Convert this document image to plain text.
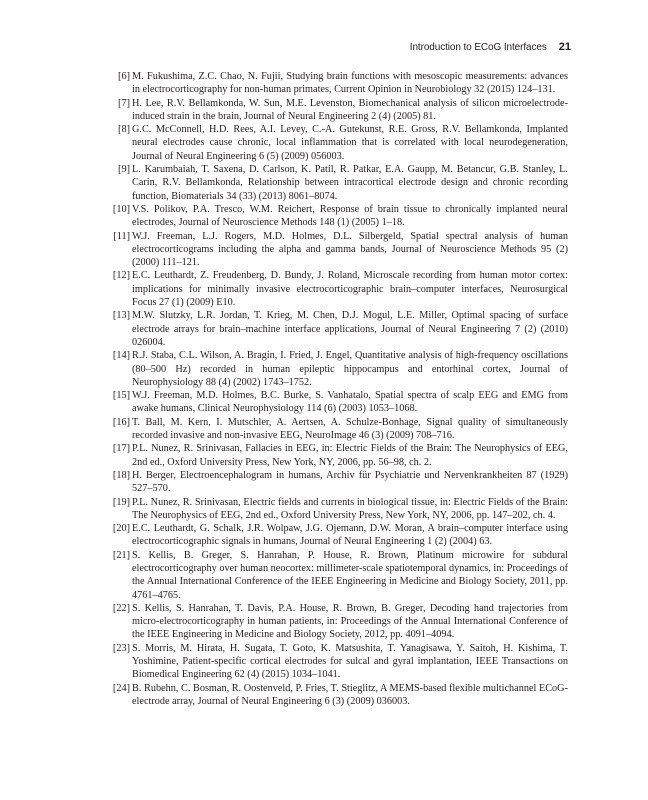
Introduction to ECoG Interfaces 21
[6] M. Fukushima, Z.C. Chao, N. Fujii, Studying brain functions with mesoscopic measurements: advances in electrocorticography for non-human primates, Current Opinion in Neurobiology 32 (2015) 124–131.
[7] H. Lee, R.V. Bellamkonda, W. Sun, M.E. Levenston, Biomechanical analysis of silicon microelectrode-induced strain in the brain, Journal of Neural Engineering 2 (4) (2005) 81.
[8] G.C. McConnell, H.D. Rees, A.I. Levey, C.-A. Gutekunst, R.E. Gross, R.V. Bellamkonda, Implanted neural electrodes cause chronic, local inflammation that is correlated with local neurodegeneration, Journal of Neural Engineering 6 (5) (2009) 056003.
[9] L. Karumbaiah, T. Saxena, D. Carlson, K. Patil, R. Patkar, E.A. Gaupp, M. Betancur, G.B. Stanley, L. Carin, R.V. Bellamkonda, Relationship between intracortical electrode design and chronic recording function, Biomaterials 34 (33) (2013) 8061–8074.
[10] V.S. Polikov, P.A. Tresco, W.M. Reichert, Response of brain tissue to chronically implanted neural electrodes, Journal of Neuroscience Methods 148 (1) (2005) 1–18.
[11] W.J. Freeman, L.J. Rogers, M.D. Holmes, D.L. Silbergeld, Spatial spectral analysis of human electrocorticograms including the alpha and gamma bands, Journal of Neuroscience Methods 95 (2) (2000) 111–121.
[12] E.C. Leuthardt, Z. Freudenberg, D. Bundy, J. Roland, Microscale recording from human motor cortex: implications for minimally invasive electrocorticographic brain–computer interfaces, Neurosurgical Focus 27 (1) (2009) E10.
[13] M.W. Slutzky, L.R. Jordan, T. Krieg, M. Chen, D.J. Mogul, L.E. Miller, Optimal spacing of surface electrode arrays for brain–machine interface applications, Journal of Neural Engineering 7 (2) (2010) 026004.
[14] R.J. Staba, C.L. Wilson, A. Bragin, I. Fried, J. Engel, Quantitative analysis of high-frequency oscillations (80–500 Hz) recorded in human epileptic hippocampus and entorhinal cortex, Journal of Neurophysiology 88 (4) (2002) 1743–1752.
[15] W.J. Freeman, M.D. Holmes, B.C. Burke, S. Vanhatalo, Spatial spectra of scalp EEG and EMG from awake humans, Clinical Neurophysiology 114 (6) (2003) 1053–1068.
[16] T. Ball, M. Kern, I. Mutschler, A. Aertsen, A. Schulze-Bonhage, Signal quality of simultaneously recorded invasive and non-invasive EEG, NeuroImage 46 (3) (2009) 708–716.
[17] P.L. Nunez, R. Srinivasan, Fallacies in EEG, in: Electric Fields of the Brain: The Neurophysics of EEG, 2nd ed., Oxford University Press, New York, NY, 2006, pp. 56–98, ch. 2.
[18] H. Berger, Electroencephalogram in humans, Archiv für Psychiatrie und Nervenkrankheiten 87 (1929) 527–570.
[19] P.L. Nunez, R. Srinivasan, Electric fields and currents in biological tissue, in: Electric Fields of the Brain: The Neurophysics of EEG, 2nd ed., Oxford University Press, New York, NY, 2006, pp. 147–202, ch. 4.
[20] E.C. Leuthardt, G. Schalk, J.R. Wolpaw, J.G. Ojemann, D.W. Moran, A brain–computer interface using electrocorticographic signals in humans, Journal of Neural Engineering 1 (2) (2004) 63.
[21] S. Kellis, B. Greger, S. Hanrahan, P. House, R. Brown, Platinum microwire for subdural electrocorticography over human neocortex: millimeter-scale spatiotemporal dynamics, in: Proceedings of the Annual International Conference of the IEEE Engineering in Medicine and Biology Society, 2011, pp. 4761–4765.
[22] S. Kellis, S. Hanrahan, T. Davis, P.A. House, R. Brown, B. Greger, Decoding hand trajectories from micro-electrocorticography in human patients, in: Proceedings of the Annual International Conference of the IEEE Engineering in Medicine and Biology Society, 2012, pp. 4091–4094.
[23] S. Morris, M. Hirata, H. Sugata, T. Goto, K. Matsushita, T. Yanagisawa, Y. Saitoh, H. Kishima, T. Yoshimine, Patient-specific cortical electrodes for sulcal and gyral implantation, IEEE Transactions on Biomedical Engineering 62 (4) (2015) 1034–1041.
[24] B. Rubehn, C. Bosman, R. Oostenveld, P. Fries, T. Stieglitz, A MEMS-based flexible multichannel ECoG-electrode array, Journal of Neural Engineering 6 (3) (2009) 036003.
